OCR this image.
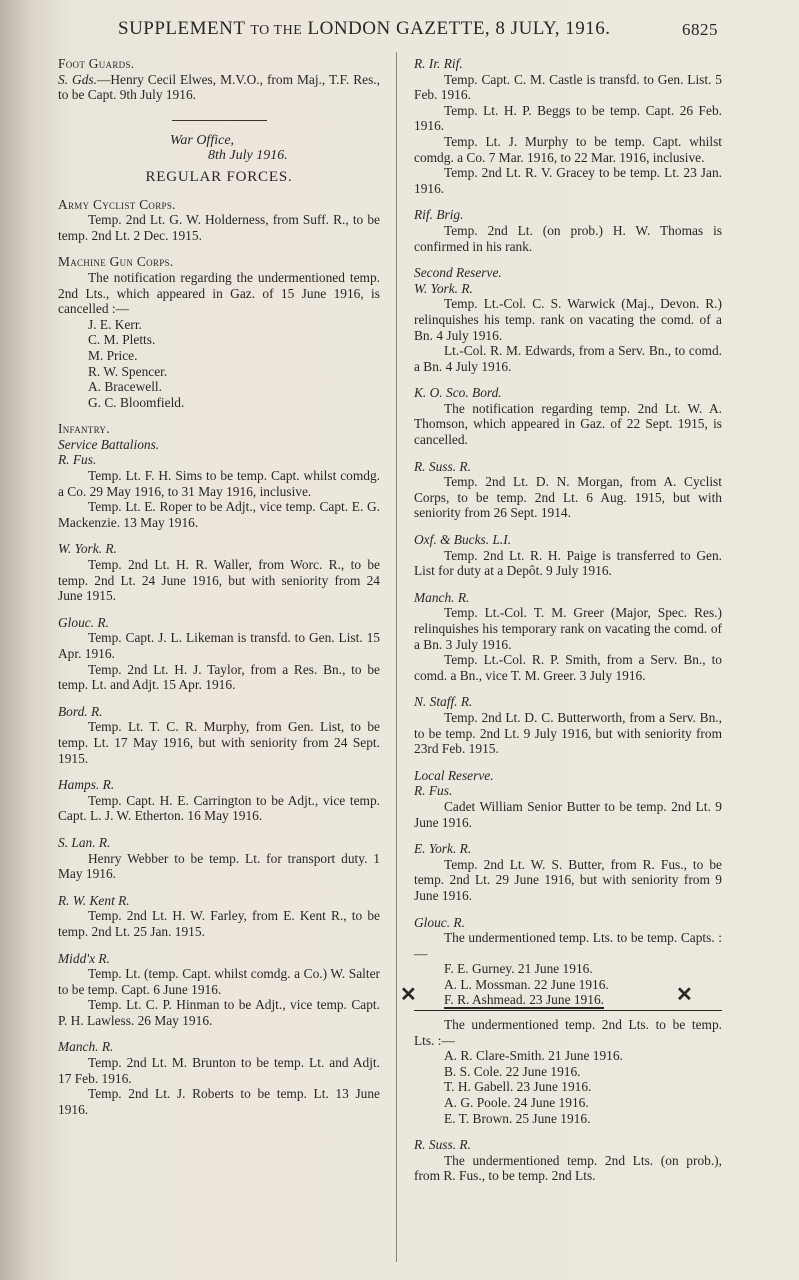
SUPPLEMENT TO THE LONDON GAZETTE, 8 JULY, 1916.	6825
Foot Guards.
S. Gds.—Henry Cecil Elwes, M.V.O., from Maj., T.F. Res., to be Capt. 9th July 1916.
War Office,
8th July 1916.
REGULAR FORCES.
Army Cyclist Corps.
Temp. 2nd Lt. G. W. Holderness, from Suff. R., to be temp. 2nd Lt. 2 Dec. 1915.
Machine Gun Corps.
The notification regarding the undermentioned temp. 2nd Lts., which appeared in Gaz. of 15 June 1916, is cancelled :—
J. E. Kerr.
C. M. Pletts.
M. Price.
R. W. Spencer.
A. Bracewell.
G. C. Bloomfield.
Infantry.
Service Battalions.
R. Fus.
Temp. Lt. F. H. Sims to be temp. Capt. whilst comdg. a Co. 29 May 1916, to 31 May 1916, inclusive.
Temp. Lt. E. Roper to be Adjt., vice temp. Capt. E. G. Mackenzie. 13 May 1916.
W. York. R.
Temp. 2nd Lt. H. R. Waller, from Worc. R., to be temp. 2nd Lt. 24 June 1916, but with seniority from 24 June 1915.
Glouc. R.
Temp. Capt. J. L. Likeman is transfd. to Gen. List. 15 Apr. 1916.
Temp. 2nd Lt. H. J. Taylor, from a Res. Bn., to be temp. Lt. and Adjt. 15 Apr. 1916.
Bord. R.
Temp. Lt. T. C. R. Murphy, from Gen. List, to be temp. Lt. 17 May 1916, but with seniority from 24 Sept. 1915.
Hamps. R.
Temp. Capt. H. E. Carrington to be Adjt., vice temp. Capt. L. J. W. Etherton. 16 May 1916.
S. Lan. R.
Henry Webber to be temp. Lt. for transport duty. 1 May 1916.
R. W. Kent R.
Temp. 2nd Lt. H. W. Farley, from E. Kent R., to be temp. 2nd Lt. 25 Jan. 1915.
Midd'x R.
Temp. Lt. (temp. Capt. whilst comdg. a Co.) W. Salter to be temp. Capt. 6 June 1916.
Temp. Lt. C. P. Hinman to be Adjt., vice temp. Capt. P. H. Lawless. 26 May 1916.
Manch. R.
Temp. 2nd Lt. M. Brunton to be temp. Lt. and Adjt. 17 Feb. 1916.
Temp. 2nd Lt. J. Roberts to be temp. Lt. 13 June 1916.
R. Ir. Rif.
Temp. Capt. C. M. Castle is transfd. to Gen. List. 5 Feb. 1916.
Temp. Lt. H. P. Beggs to be temp. Capt. 26 Feb. 1916.
Temp. Lt. J. Murphy to be temp. Capt. whilst comdg. a Co. 7 Mar. 1916, to 22 Mar. 1916, inclusive.
Temp. 2nd Lt. R. V. Gracey to be temp. Lt. 23 Jan. 1916.
Rif. Brig.
Temp. 2nd Lt. (on prob.) H. W. Thomas is confirmed in his rank.
Second Reserve.
W. York. R.
Temp. Lt.-Col. C. S. Warwick (Maj., Devon. R.) relinquishes his temp. rank on vacating the comd. of a Bn. 4 July 1916.
Lt.-Col. R. M. Edwards, from a Serv. Bn., to comd. a Bn. 4 July 1916.
K. O. Sco. Bord.
The notification regarding temp. 2nd Lt. W. A. Thomson, which appeared in Gaz. of 22 Sept. 1915, is cancelled.
R. Suss. R.
Temp. 2nd Lt. D. N. Morgan, from A. Cyclist Corps, to be temp. 2nd Lt. 6 Aug. 1915, but with seniority from 26 Sept. 1914.
Oxf. & Bucks. L.I.
Temp. 2nd Lt. R. H. Paige is transferred to Gen. List for duty at a Depôt. 9 July 1916.
Manch. R.
Temp. Lt.-Col. T. M. Greer (Major, Spec. Res.) relinquishes his temporary rank on vacating the comd. of a Bn. 3 July 1916.
Temp. Lt.-Col. R. P. Smith, from a Serv. Bn., to comd. a Bn., vice T. M. Greer. 3 July 1916.
N. Staff. R.
Temp. 2nd Lt. D. C. Butterworth, from a Serv. Bn., to be temp. 2nd Lt. 9 July 1916, but with seniority from 23rd Feb. 1915.
Local Reserve.
R. Fus.
Cadet William Senior Butter to be temp. 2nd Lt. 9 June 1916.
E. York. R.
Temp. 2nd Lt. W. S. Butter, from R. Fus., to be temp. 2nd Lt. 29 June 1916, but with seniority from 9 June 1916.
Glouc. R.
The undermentioned temp. Lts. to be temp. Capts. :—
F. E. Gurney. 21 June 1916.
A. L. Mossman. 22 June 1916.
✕ F. R. Ashmead. 23 June 1916.	✕
The undermentioned temp. 2nd Lts. to be temp. Lts. :—
A. R. Clare-Smith. 21 June 1916.
B. S. Cole. 22 June 1916.
T. H. Gabell. 23 June 1916.
A. G. Poole. 24 June 1916.
E. T. Brown. 25 June 1916.
R. Suss. R.
The undermentioned temp. 2nd Lts. (on prob.), from R. Fus., to be temp. 2nd Lts.
